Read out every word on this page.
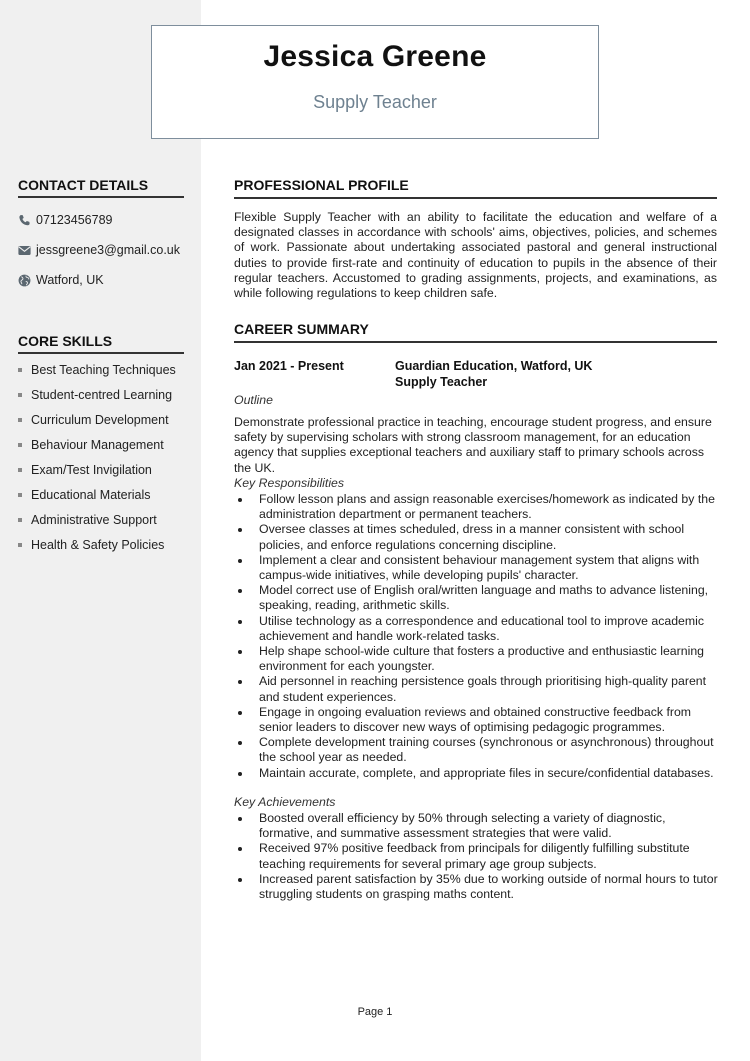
Jessica Greene
Supply Teacher
CONTACT DETAILS
07123456789
jessgreene3@gmail.co.uk
Watford, UK
CORE SKILLS
Best Teaching Techniques
Student-centred Learning
Curriculum Development
Behaviour Management
Exam/Test Invigilation
Educational Materials
Administrative Support
Health & Safety Policies
PROFESSIONAL PROFILE
Flexible Supply Teacher with an ability to facilitate the education and welfare of a designated classes in accordance with schools' aims, objectives, policies, and schemes of work. Passionate about undertaking associated pastoral and general instructional duties to provide first-rate and continuity of education to pupils in the absence of their regular teachers. Accustomed to grading assignments, projects, and examinations, as while following regulations to keep children safe.
CAREER SUMMARY
Jan 2021 - Present	Guardian Education, Watford, UK
Supply Teacher
Outline
Demonstrate professional practice in teaching, encourage student progress, and ensure safety by supervising scholars with strong classroom management, for an education agency that supplies exceptional teachers and auxiliary staff to primary schools across the UK.
Key Responsibilities
Follow lesson plans and assign reasonable exercises/homework as indicated by the administration department or permanent teachers.
Oversee classes at times scheduled, dress in a manner consistent with school policies, and enforce regulations concerning discipline.
Implement a clear and consistent behaviour management system that aligns with campus-wide initiatives, while developing pupils' character.
Model correct use of English oral/written language and maths to advance listening, speaking, reading, arithmetic skills.
Utilise technology as a correspondence and educational tool to improve academic achievement and handle work-related tasks.
Help shape school-wide culture that fosters a productive and enthusiastic learning environment for each youngster.
Aid personnel in reaching persistence goals through prioritising high-quality parent and student experiences.
Engage in ongoing evaluation reviews and obtained constructive feedback from senior leaders to discover new ways of optimising pedagogic programmes.
Complete development training courses (synchronous or asynchronous) throughout the school year as needed.
Maintain accurate, complete, and appropriate files in secure/confidential databases.
Key Achievements
Boosted overall efficiency by 50% through selecting a variety of diagnostic, formative, and summative assessment strategies that were valid.
Received 97% positive feedback from principals for diligently fulfilling substitute teaching requirements for several primary age group subjects.
Increased parent satisfaction by 35% due to working outside of normal hours to tutor struggling students on grasping maths content.
Page 1
